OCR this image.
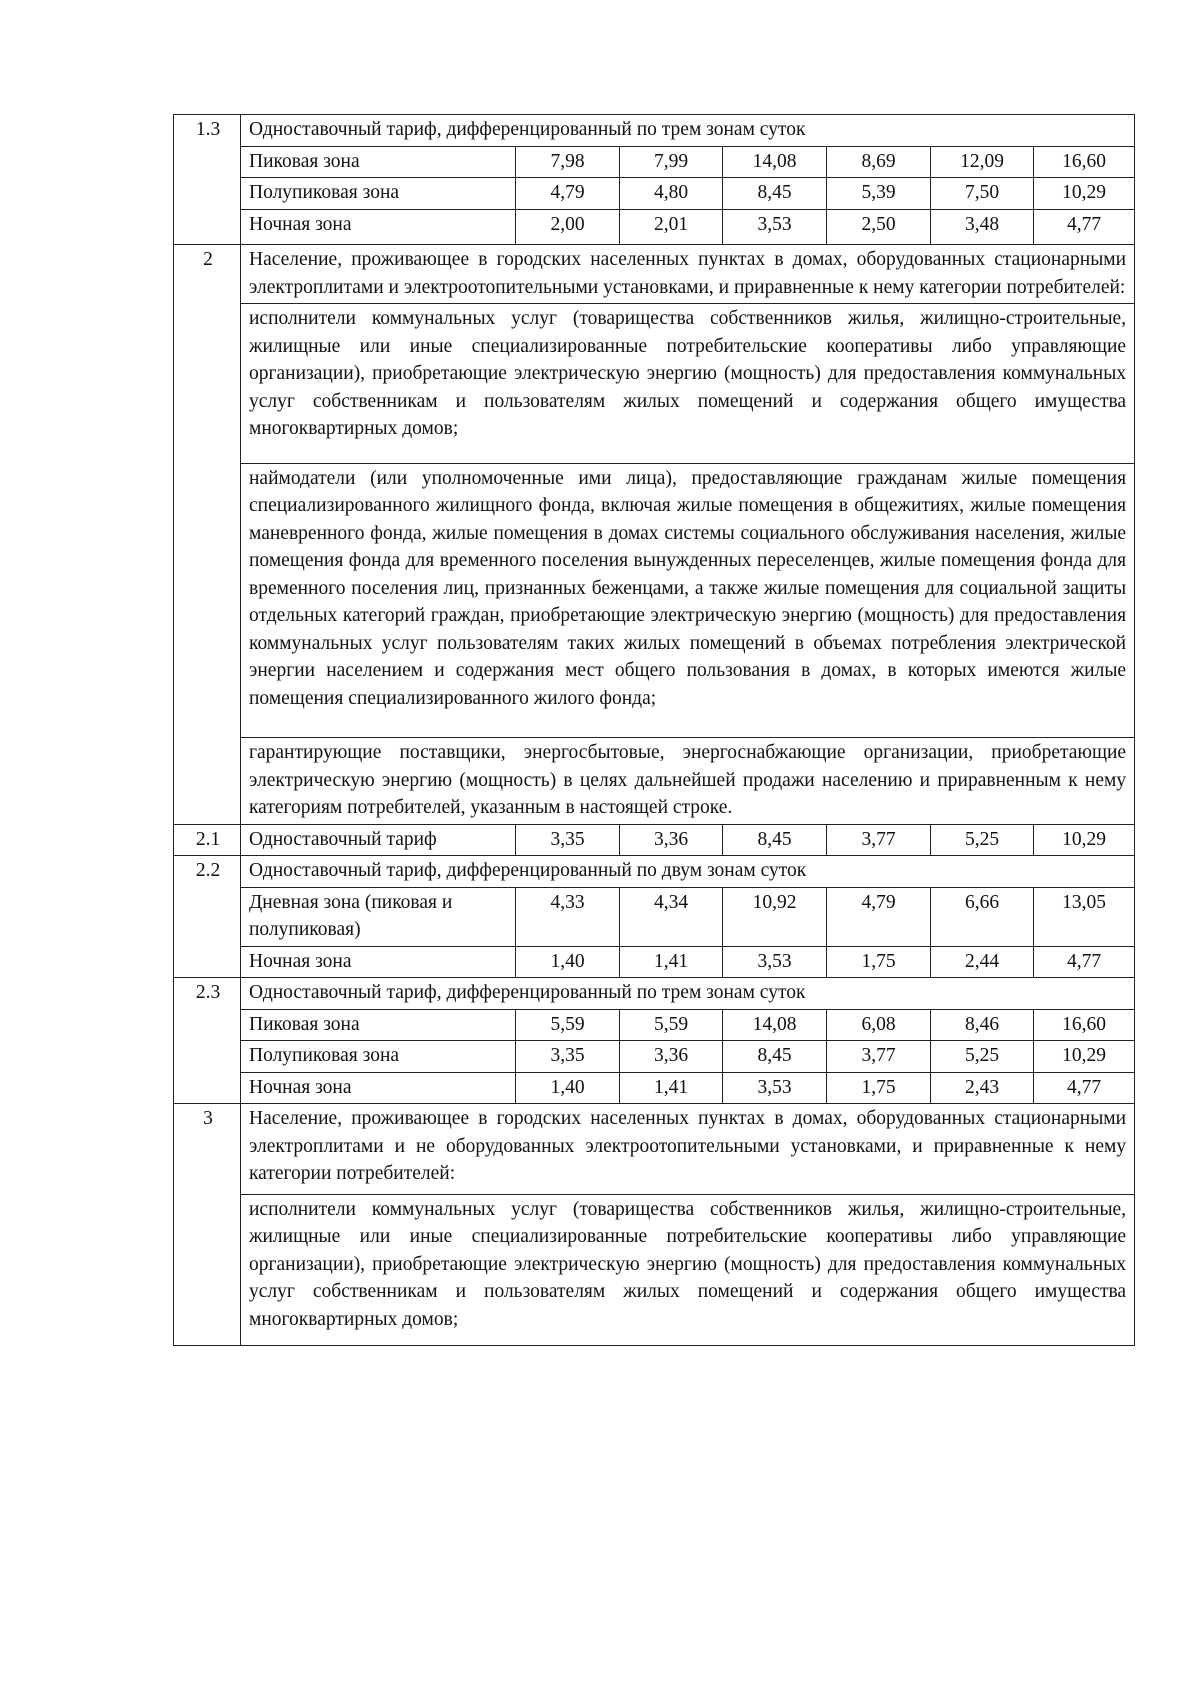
1.3	Одноставочный тариф, дифференцированный по трем зонам суток						
	Пиковая зона	7,98	7,99	14,08	8,69	12,09	16,60
	Полупиковая зона	4,79	4,80	8,45	5,39	7,50	10,29
	Ночная зона	2,00	2,01	3,53	2,50	3,48	4,77
2	Население, проживающее в городских населенных пунктах в домах, оборудованных стационарными электроплитами и электроотопительными установками, и приравненные к нему категории потребителей:						
	исполнители коммунальных услуг (товарищества собственников жилья, жилищно-строительные, жилищные или иные специализированные потребительские кооперативы либо управляющие организации), приобретающие электрическую энергию (мощность) для предоставления коммунальных услуг собственникам и пользователям жилых помещений и содержания общего имущества многоквартирных домов;						
	наймодатели (или уполномоченные ими лица), предоставляющие гражданам жилые помещения специализированного жилищного фонда, включая жилые помещения в общежитиях, жилые помещения маневренного фонда, жилые помещения в домах системы социального обслуживания населения, жилые помещения фонда для временного поселения вынужденных переселенцев, жилые помещения фонда для временного поселения лиц, признанных беженцами, а также жилые помещения для социальной защиты отдельных категорий граждан, приобретающие электрическую энергию (мощность) для предоставления коммунальных услуг пользователям таких жилых помещений в объемах потребления электрической энергии населением и содержания мест общего пользования в домах, в которых имеются жилые помещения специализированного жилого фонда;						
	гарантирующие поставщики, энергосбытовые, энергоснабжающие организации, приобретающие электрическую энергию (мощность) в целях дальнейшей продажи населению и приравненным к нему категориям потребителей, указанным в настоящей строке.						
2.1	Одноставочный тариф	3,35	3,36	8,45	3,77	5,25	10,29
2.2	Одноставочный тариф, дифференцированный по двум зонам суток						
	Дневная зона (пиковая и полупиковая)	4,33	4,34	10,92	4,79	6,66	13,05
	Ночная зона	1,40	1,41	3,53	1,75	2,44	4,77
2.3	Одноставочный тариф, дифференцированный по трем зонам суток						
	Пиковая зона	5,59	5,59	14,08	6,08	8,46	16,60
	Полупиковая зона	3,35	3,36	8,45	3,77	5,25	10,29
	Ночная зона	1,40	1,41	3,53	1,75	2,43	4,77
3	Население, проживающее в городских населенных пунктах в домах, оборудованных стационарными электроплитами и не оборудованных электроотопительными установками, и приравненные к нему категории потребителей:						
	исполнители коммунальных услуг (товарищества собственников жилья, жилищно-строительные, жилищные или иные специализированные потребительские кооперативы либо управляющие организации), приобретающие электрическую энергию (мощность) для предоставления коммунальных услуг собственникам и пользователям жилых помещений и содержания общего имущества многоквартирных домов;						
